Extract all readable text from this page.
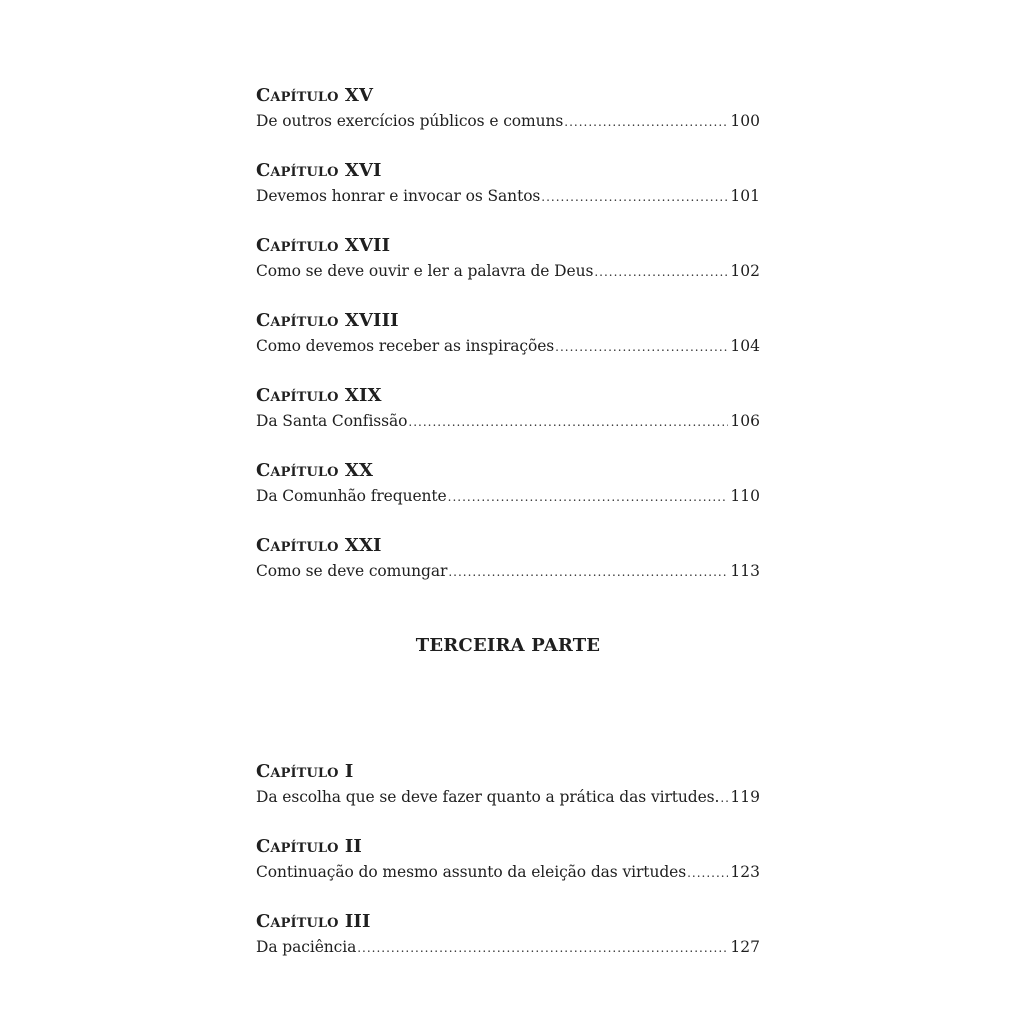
Capítulo XV
De outros exercícios públicos e comuns .....	100
Capítulo XVI
Devemos honrar e invocar os Santos .....	101
Capítulo XVII
Como se deve ouvir e ler a palavra de Deus .....	102
Capítulo XVIII
Como devemos receber as inspirações .....	104
Capítulo XIX
Da Santa Confissão .....	106
Capítulo XX
Da Comunhão frequente .....	110
Capítulo XXI
Como se deve comungar .....	113
TERCEIRA PARTE
Capítulo I
Da escolha que se deve fazer quanto a prática das virtudes. ..... 119
Capítulo II
Continuação do mesmo assunto da eleição das virtudes .....	123
Capítulo III
Da paciência .....	127
